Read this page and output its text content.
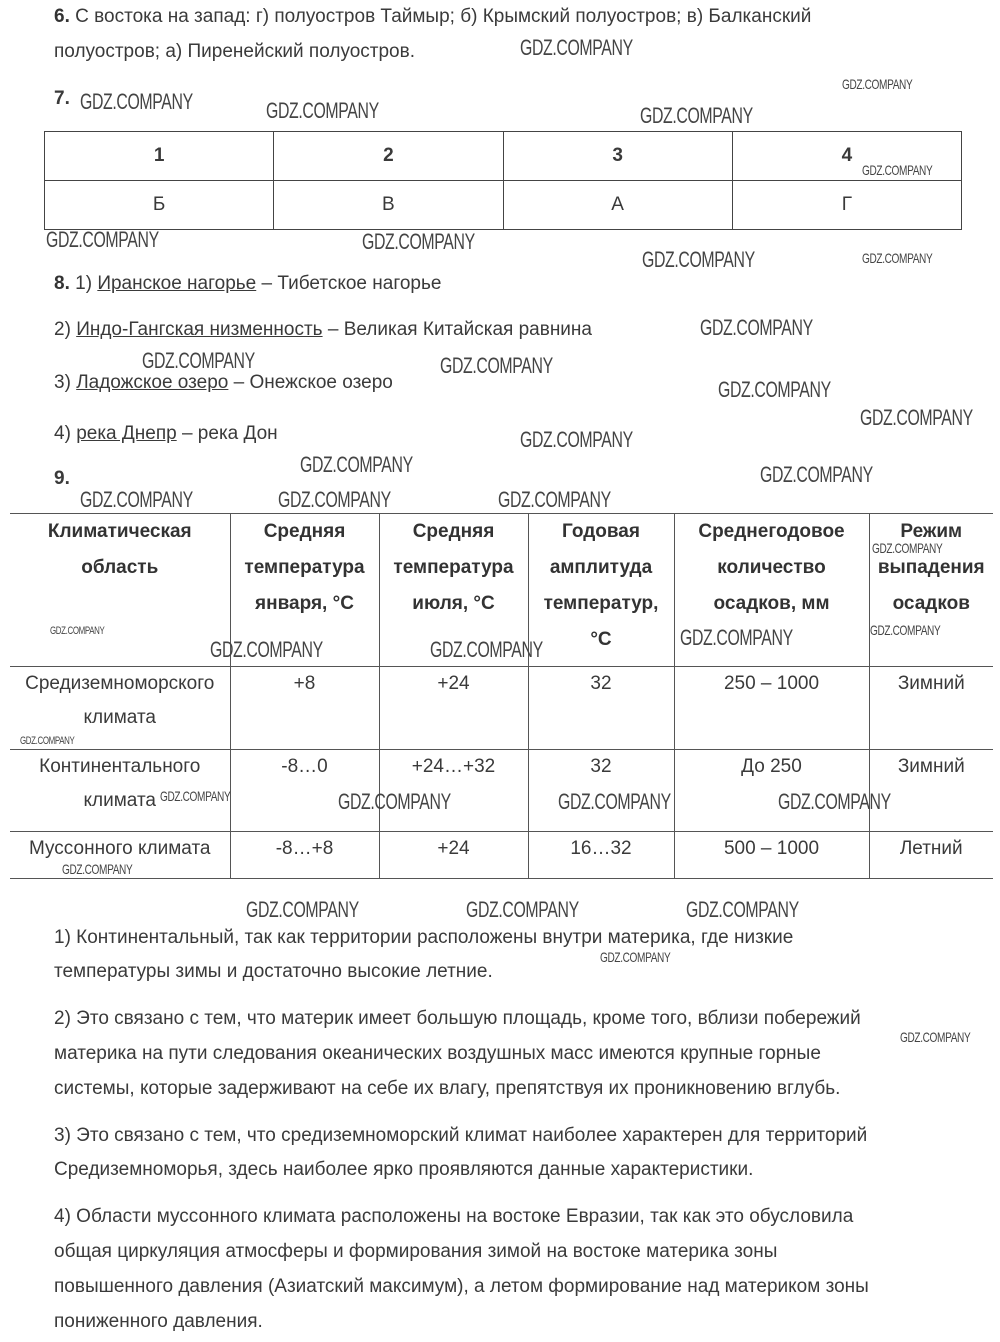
6. С востока на запад: г) полуостров Таймыр; б) Крымский полуостров; в) Балканский
полуостров; а) Пиренейский полуостров.
7.
1	2	3	4
Б	В	А	Г
8. 1) Иранское нагорье – Тибетское нагорье
2) Индо-Гангская низменность – Великая Китайская равнина
3) Ладожское озеро – Онежское озеро
4) река Днепр – река Дон
9.
Климатическая область	Средняя температура января, °C	Средняя температура июля, °C	Годовая амплитуда температур, °C	Среднегодовое количество осадков, мм	Режим выпадения осадков
Средиземноморского климата	+8	+24	32	250 – 1000	Зимний
Континентального климата	-8…0	+24…+32	32	До 250	Зимний
Муссонного климата	-8…+8	+24	16…32	500 – 1000	Летний
1) Континентальный, так как территории расположены внутри материка, где низкие
температуры зимы и достаточно высокие летние.
2) Это связано с тем, что материк имеет большую площадь, кроме того, вблизи побережий
материка на пути следования океанических воздушных масс имеются крупные горные
системы, которые задерживают на себе их влагу, препятствуя их проникновению вглубь.
3) Это связано с тем, что средиземноморский климат наиболее характерен для территорий
Средиземноморья, здесь наиболее ярко проявляются данные характеристики.
4) Области муссонного климата расположены на востоке Евразии, так как это обусловила
общая циркуляция атмосферы и формирования зимой на востоке материка зоны
повышенного давления (Азиатский максимум), а летом формирование над материком зоны
пониженного давления.
GDZ.COMPANY	GDZ.COMPANY	GDZ.COMPANY
GDZ.COMPANY
GDZ.COMPANY
GDZ.COMPANY
GDZ.COMPANY	GDZ.COMPANY
GDZ.COMPANY	GDZ.COMPANY
GDZ.COMPANY	GDZ.COMPANY
GDZ.COMPANY
GDZ.COMPANY
GDZ.COMPANY
GDZ.COMPANY
GDZ.COMPANY	GDZ.COMPANY
GDZ.COMPANY	GDZ.COMPANY	GDZ.COMPANY
GDZ.COMPANY
GDZ.COMPANY	GDZ.COMPANY	GDZ.COMPANY
GDZ.COMPANY	GDZ.COMPANY
GDZ.COMPANY
GDZ.COMPANY	GDZ.COMPANY	GDZ.COMPANY	GDZ.COMPANY
GDZ.COMPANY
GDZ.COMPANY	GDZ.COMPANY	GDZ.COMPANY
GDZ.COMPANY
GDZ.COMPANY
